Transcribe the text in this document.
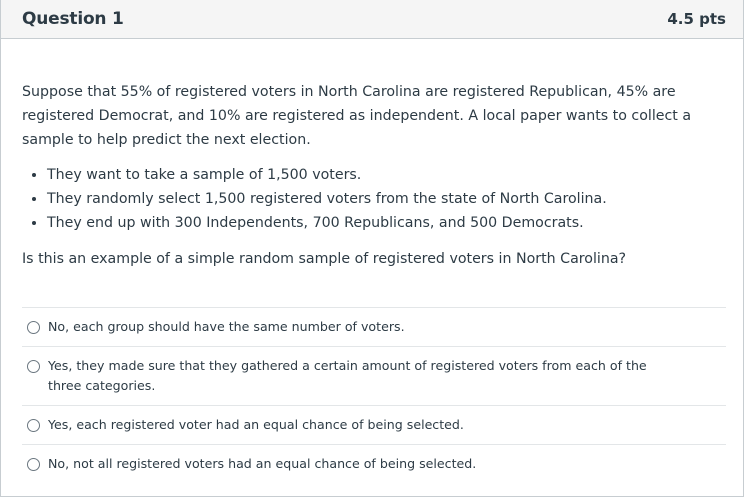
Question 1	4.5 pts

Suppose that 55% of registered voters in North Carolina are registered Republican, 45% are registered Democrat, and 10% are registered as independent. A local paper wants to collect a sample to help predict the next election.

• They want to take a sample of 1,500 voters.
• They randomly select 1,500 registered voters from the state of North Carolina.
• They end up with 300 Independents, 700 Republicans, and 500 Democrats.

Is this an example of a simple random sample of registered voters in North Carolina?

No, each group should have the same number of voters.
Yes, they made sure that they gathered a certain amount of registered voters from each of the three categories.
Yes, each registered voter had an equal chance of being selected.
No, not all registered voters had an equal chance of being selected.
